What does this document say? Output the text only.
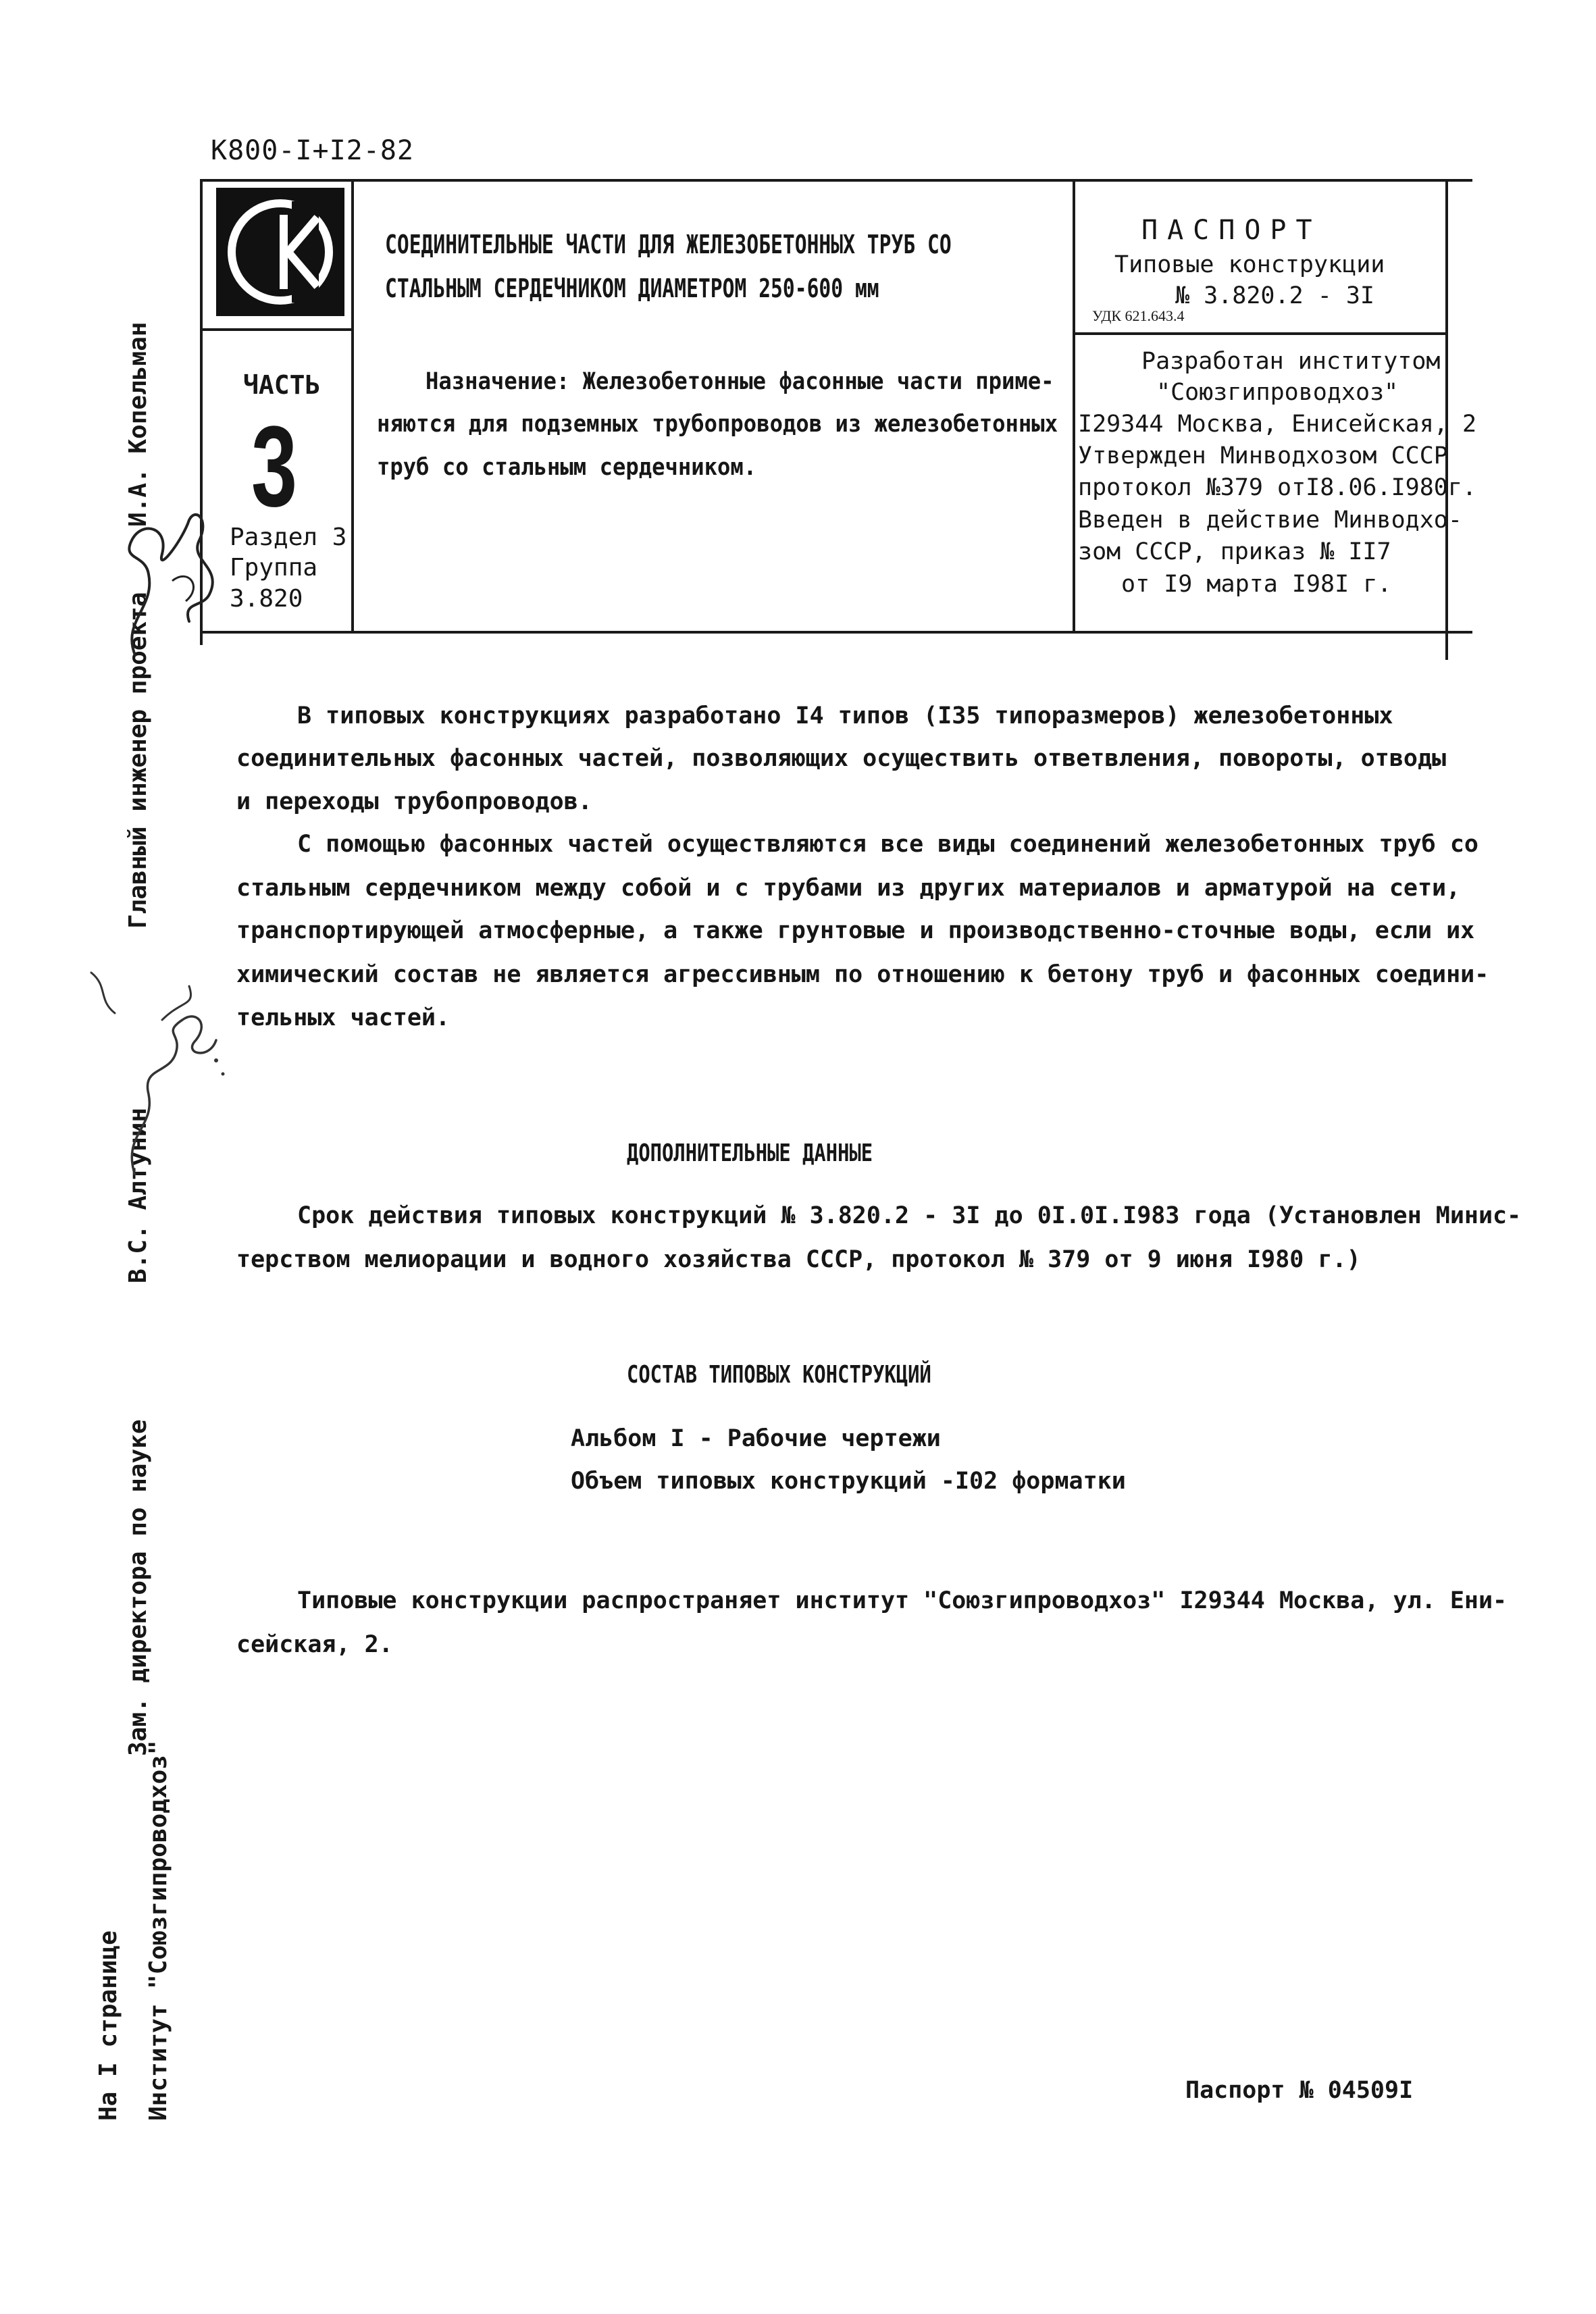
К800-I+I2-82
ЧАСТЬ
3
Раздел 3
Группа
3.820
СОЕДИНИТЕЛЬНЫЕ ЧАСТИ ДЛЯ ЖЕЛЕЗОБЕТОННЫХ ТРУБ СО
СТАЛЬНЫМ СЕРДЕЧНИКОМ ДИАМЕТРОМ 250-600 мм
Назначение: Железобетонные фасонные части приме-
няются для подземных трубопроводов из железобетонных
труб со стальным сердечником.
ПАСПОРТ
Типовые конструкции
№ 3.820.2 - 3I
УДК 621.643.4
Разработан институтом
"Союзгипроводхоз"
I29344 Москва, Енисейская, 2
Утвержден Минводхозом СССР
протокол №379 отI8.06.I980г.
Введен в действие Минводхо-
зом СССР, приказ № II7
от I9 марта I98I г.
В типовых конструкциях разработано I4 типов (I35 типоразмеров) железобетонных
соединительных фасонных частей, позволяющих осуществить ответвления, повороты, отводы
и переходы трубопроводов.
С помощью фасонных частей осуществляются все виды соединений железобетонных труб со
стальным сердечником между собой и с трубами из других материалов и арматурой на сети,
транспортирующей атмосферные, а также грунтовые и производственно-сточные воды, если их
химический состав не является агрессивным по отношению к бетону труб и фасонных соедини-
тельных частей.
ДОПОЛНИТЕЛЬНЫЕ ДАННЫЕ
Срок действия типовых конструкций № 3.820.2 - 3I до 0I.0I.I983 года (Установлен Минис-
терством мелиорации и водного хозяйства СССР, протокол № 379 от 9 июня I980 г.)
СОСТАВ ТИПОВЫХ КОНСТРУКЦИЙ
Альбом I - Рабочие чертежи
Объем типовых конструкций -I02 форматки
Типовые конструкции распространяет институт "Союзгипроводхоз" I29344 Москва, ул. Ени-
сейская, 2.
Паспорт № 04509I
И.А. Копельман
Главный инженер проекта
В.С. Алтунин
Зам. директора по науке
Институт "Союзгипроводхоз"
На I странице
